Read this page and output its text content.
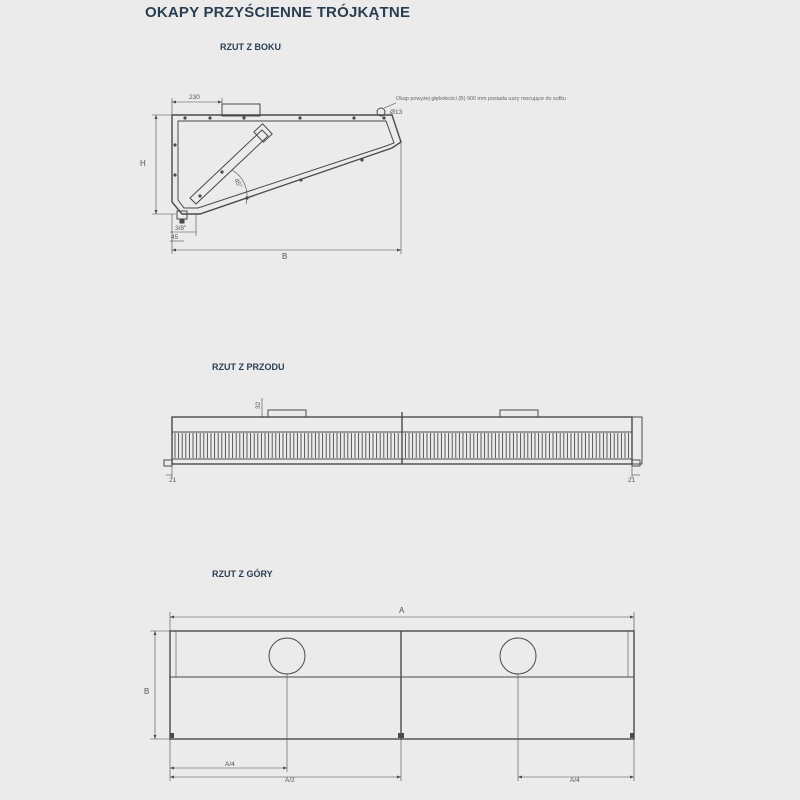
OKAPY PRZYŚCIENNE TRÓJKĄTNE
RZUT Z BOKU
RZUT Z PRZODU
RZUT Z GÓRY
230
H
B
3/8"
45
45°
Ø13
Okap powyżej głębokości (B) 900 mm posiada uszy mocujące do sufitu
32
21	21
A
B
A/4
A/2	A/4
